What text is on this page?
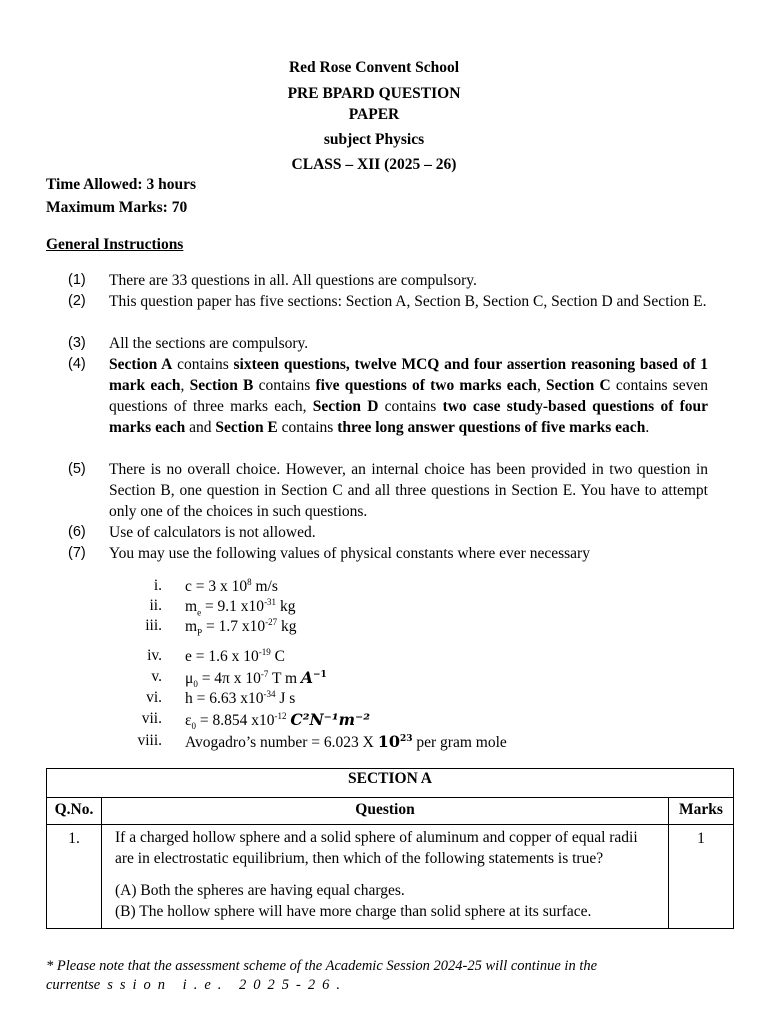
Red Rose Convent School
PRE BPARD QUESTION
PAPER
subject Physics
CLASS – XII (2025 – 26)
Time Allowed: 3 hours
Maximum Marks: 70
General Instructions
(1) There are 33 questions in all. All questions are compulsory.
(2) This question paper has five sections: Section A, Section B, Section C, Section D and Section E.
(3) All the sections are compulsory.
(4) Section A contains sixteen questions, twelve MCQ and four assertion reasoning based of 1 mark each, Section B contains five questions of two marks each, Section C contains seven questions of three marks each, Section D contains two case study-based questions of four marks each and Section E contains three long answer questions of five marks each.
(5) There is no overall choice. However, an internal choice has been provided in two question in Section B, one question in Section C and all three questions in Section E. You have to attempt only one of the choices in such questions.
(6) Use of calculators is not allowed.
(7) You may use the following values of physical constants where ever necessary
i. c = 3 x $10^8$ m/s
ii. $m_e = 9.1$ $x10^{-31}$ kg
iii. $m_P = 1.7$ $x10^{-27}$ kg
iv. e = 1.6 x $10^{-19}$ C
v. $\mu_0 = 4\pi$ x $10^{-7}$ T m $A^{-1}$
vi. h = 6.63 $x10^{-34}$ J s
vii. $\varepsilon_0 = 8.854$ $x10^{-12}$ C²N⁻¹m⁻²
viii. Avogadro’s number = 6.023 X $10^{23}$ per gram mole
SECTION A		
Q.No.	Question	Marks
1.	If a charged hollow sphere and a solid sphere of aluminum and copper of equal radii are in electrostatic equilibrium, then which of the following statements is true?
(A) Both the spheres are having equal charges.
(B) The hollow sphere will have more charge than solid sphere at its surface.	1
* Please note that the assessment scheme of the Academic Session 2024-25 will continue in the
currentsession i.e. 2025-26.
